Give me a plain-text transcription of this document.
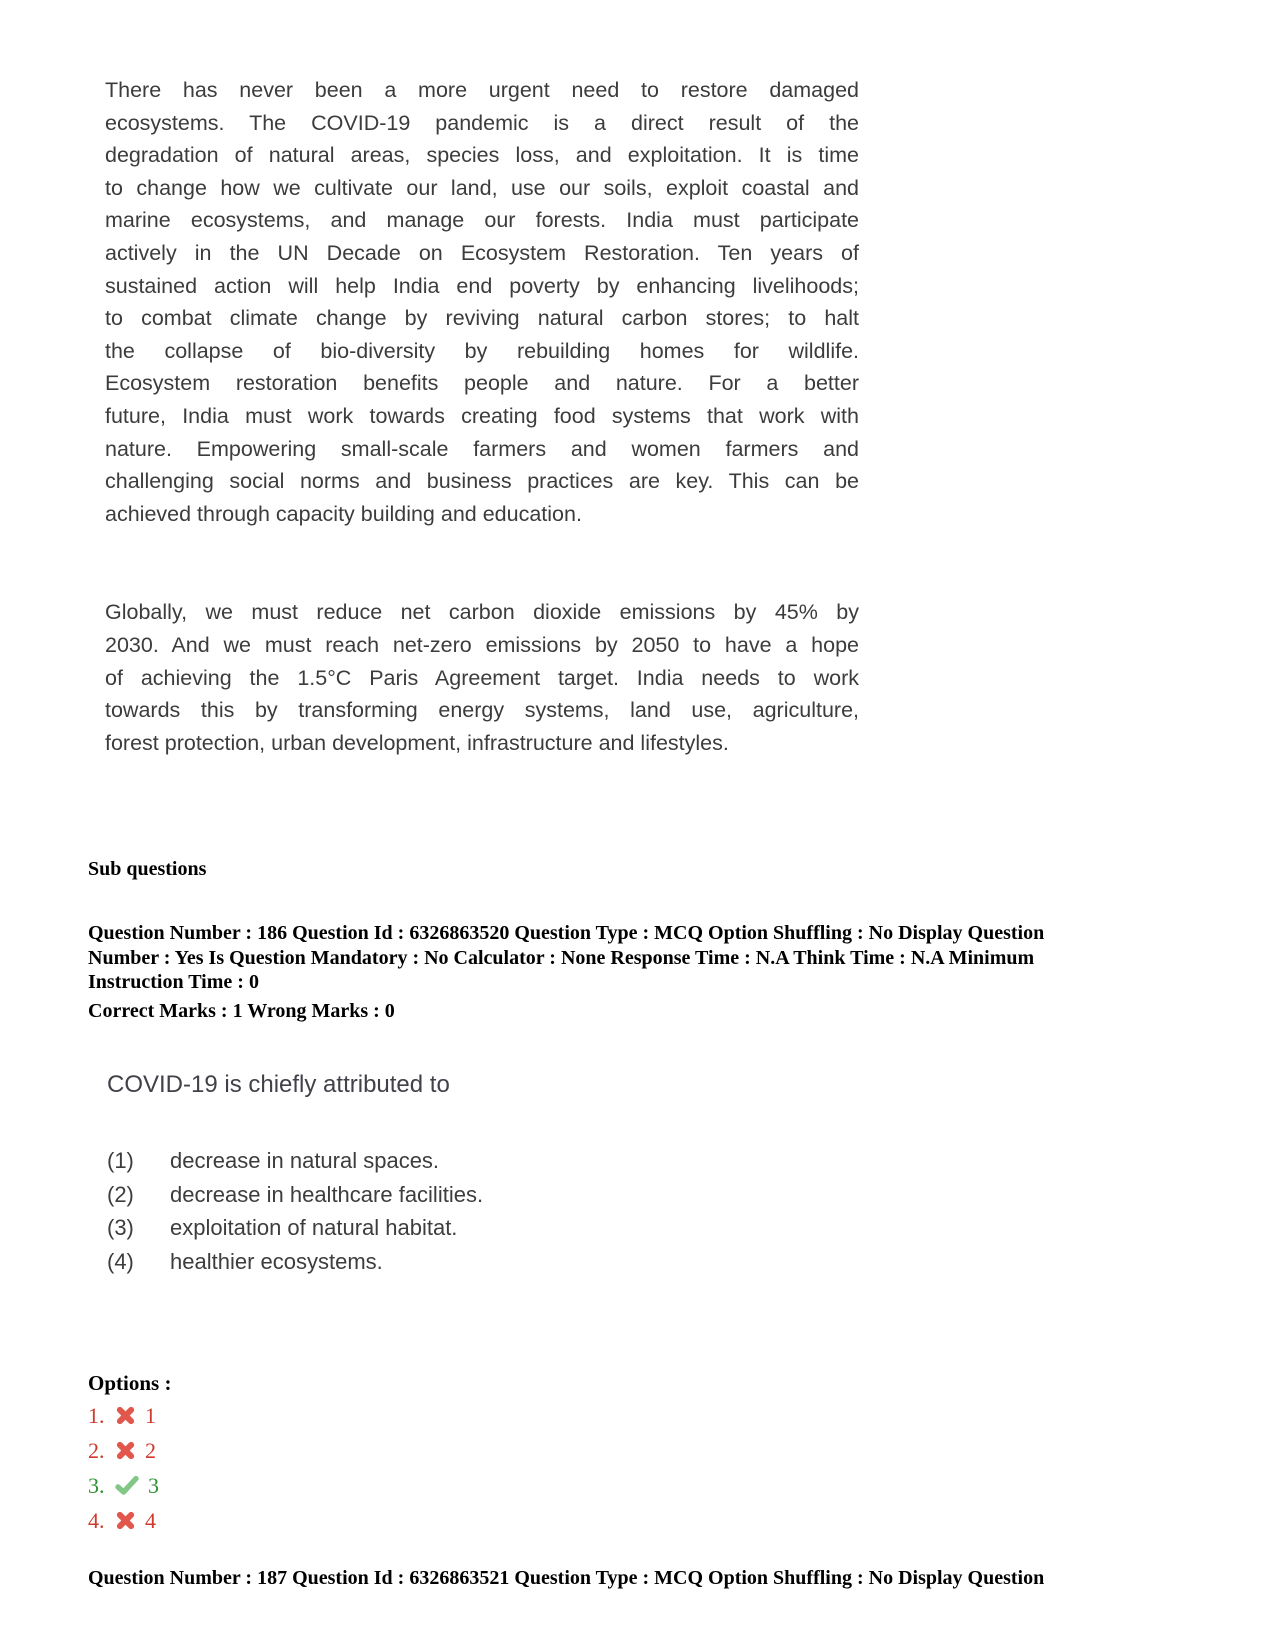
There has never been a more urgent need to restore damaged
ecosystems. The COVID-19 pandemic is a direct result of the
degradation of natural areas, species loss, and exploitation. It is time
to change how we cultivate our land, use our soils, exploit coastal and
marine ecosystems, and manage our forests. India must participate
actively in the UN Decade on Ecosystem Restoration. Ten years of
sustained action will help India end poverty by enhancing livelihoods;
to combat climate change by reviving natural carbon stores; to halt
the collapse of bio-diversity by rebuilding homes for wildlife.
Ecosystem restoration benefits people and nature. For a better
future, India must work towards creating food systems that work with
nature. Empowering small-scale farmers and women farmers and
challenging social norms and business practices are key. This can be
achieved through capacity building and education.
Globally, we must reduce net carbon dioxide emissions by 45% by
2030. And we must reach net-zero emissions by 2050 to have a hope
of achieving the 1.5°C Paris Agreement target. India needs to work
towards this by transforming energy systems, land use, agriculture,
forest protection, urban development, infrastructure and lifestyles.
Sub questions
Question Number : 186 Question Id : 6326863520 Question Type : MCQ Option Shuffling : No Display Question
Number : Yes Is Question Mandatory : No Calculator : None Response Time : N.A Think Time : N.A Minimum
Instruction Time : 0
Correct Marks : 1 Wrong Marks : 0
COVID-19 is chiefly attributed to
(1)	decrease in natural spaces.
(2)	decrease in healthcare facilities.
(3)	exploitation of natural habitat.
(4)	healthier ecosystems.
Options :
1.	1
2.	2
3.	3
4.	4
Question Number : 187 Question Id : 6326863521 Question Type : MCQ Option Shuffling : No Display Question
